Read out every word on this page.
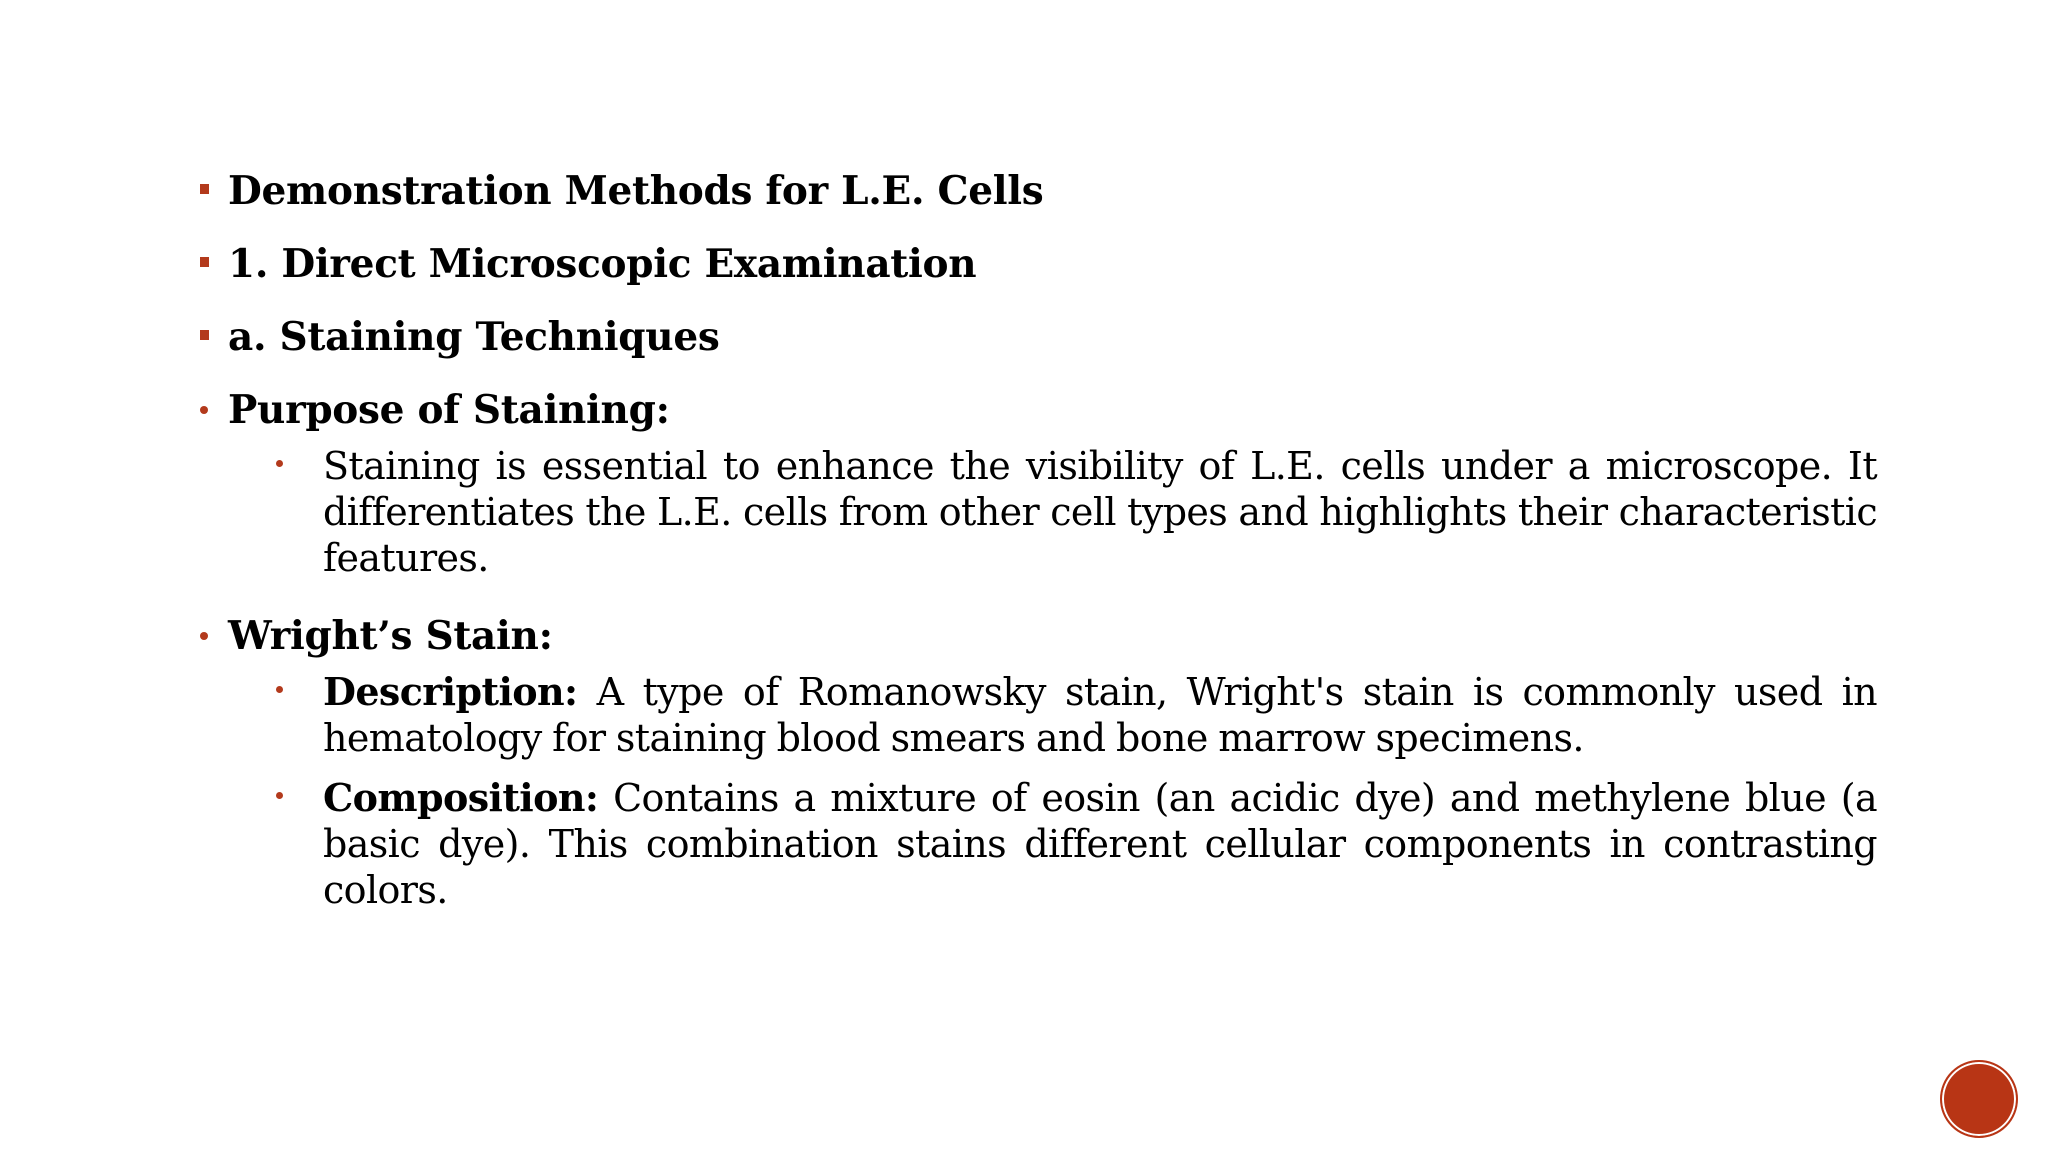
Demonstration Methods for L.E. Cells
1. Direct Microscopic Examination
a. Staining Techniques
Purpose of Staining:
Staining is essential to enhance the visibility of L.E. cells under a microscope. It differentiates the L.E. cells from other cell types and highlights their characteristic features.
Wright’s Stain:
Description: A type of Romanowsky stain, Wright's stain is commonly used in hematology for staining blood smears and bone marrow specimens.
Composition: Contains a mixture of eosin (an acidic dye) and methylene blue (a basic dye). This combination stains different cellular components in contrasting colors.
